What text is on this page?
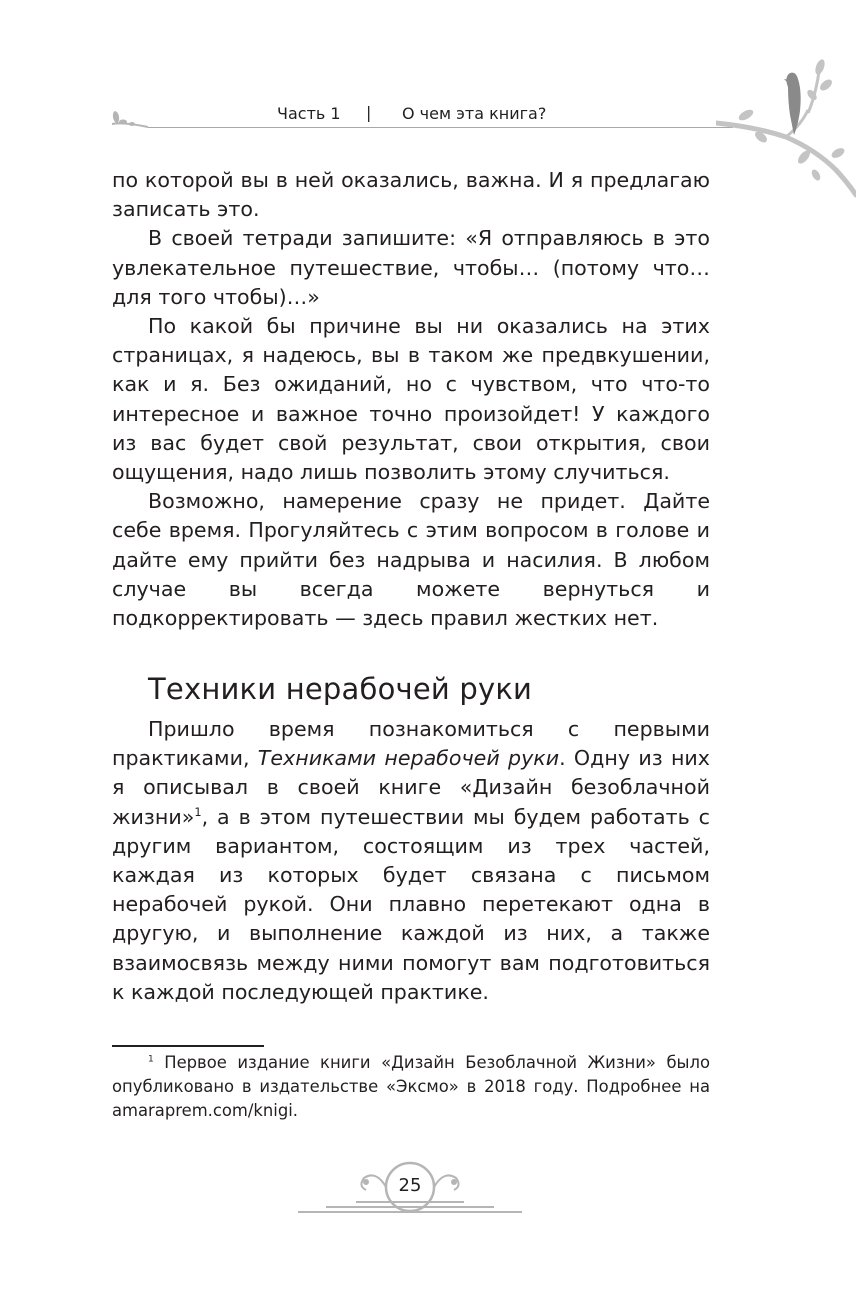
Часть 1 | О чем эта книга?

по которой вы в ней оказались, важна. И я предлагаю записать это.

В своей тетради запишите: «Я отправляюсь в это увлекательное путешествие, чтобы… (потому что… для того чтобы)…»

По какой бы причине вы ни оказались на этих страницах, я надеюсь, вы в таком же предвкушении, как и я. Без ожиданий, но с чувством, что что-то интересное и важное точно произойдет! У каждого из вас будет свой результат, свои открытия, свои ощущения, надо лишь позволить этому случиться.

Возможно, намерение сразу не придет. Дайте себе время. Прогуляйтесь с этим вопросом в голове и дайте ему прийти без надрыва и насилия. В любом случае вы всегда можете вернуться и подкорректировать — здесь правил жестких нет.

Техники нерабочей руки

Пришло время познакомиться с первыми практиками, Техниками нерабочей руки. Одну из них я описывал в своей книге «Дизайн безоблачной жизни»$^1$, а в этом путешествии мы будем работать с другим вариантом, состоящим из трех частей, каждая из которых будет связана с письмом нерабочей рукой. Они плавно перетекают одна в другую, и выполнение каждой из них, а также взаимосвязь между ними помогут вам подготовиться к каждой последующей практике.

$^1$ Первое издание книги «Дизайн Безоблачной Жизни» было опубликовано в издательстве «Эксмо» в 2018 году. Подробнее на amaraprem.com/knigi.

25
